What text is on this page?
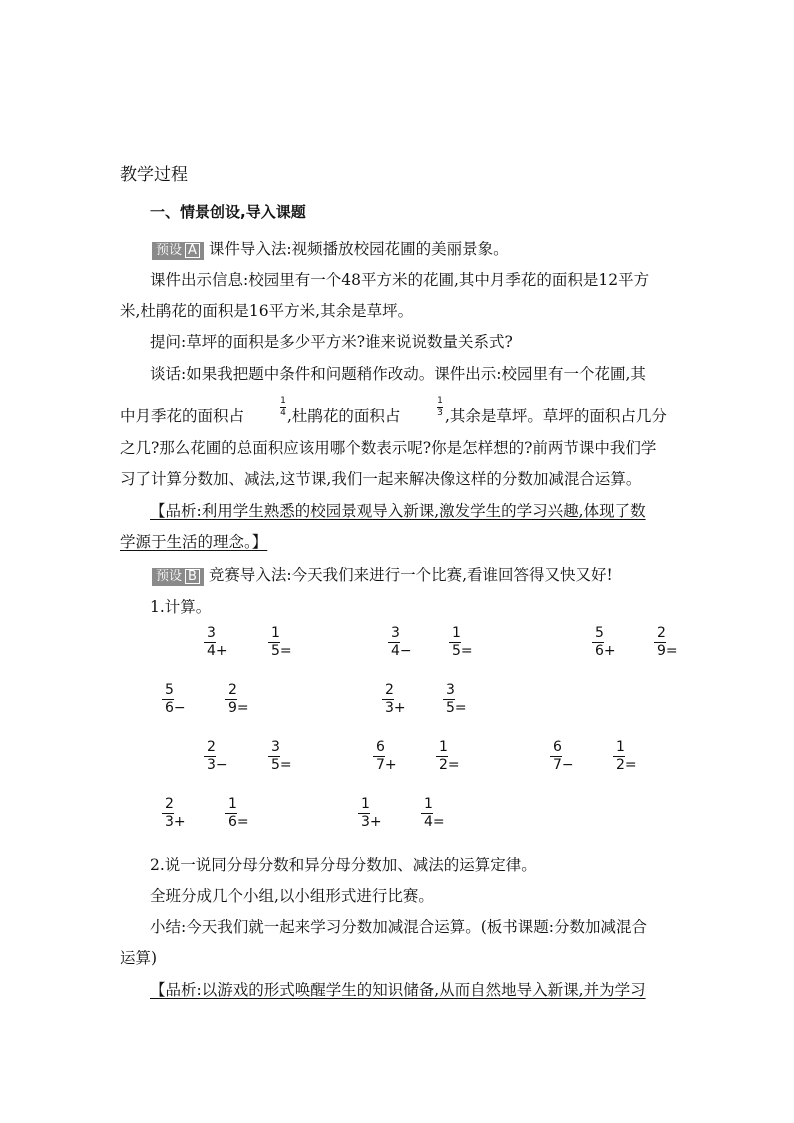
教学过程
一、情景创设,导入课题
预设 A 课件导入法:视频播放校园花圃的美丽景象。
课件出示信息:校园里有一个48平方米的花圃,其中月季花的面积是12平方
米,杜鹃花的面积是16平方米,其余是草坪。
提问:草坪的面积是多少平方米?谁来说说数量关系式?
谈话:如果我把题中条件和问题稍作改动。课件出示:校园里有一个花圃,其
中月季花的面积占
1
4 ,杜鹃花的面积占
1
3 ,其余是草坪。草坪的面积占几分
之几?那么花圃的总面积应该用哪个数表示呢?你是怎样想的?前两节课中我们学
习了计算分数加、减法,这节课,我们一起来解决像这样的分数加减混合运算。
【品析:利用学生熟悉的校园景观导入新课,激发学生的学习兴趣,体现了数
学源于生活的理念。】
预设 B 竞赛导入法:今天我们来进行一个比赛,看谁回答得又快又好!
1.计算。
3
4+
1
5=
3
4−
1
5=
5
6+
2
9=
5
6−
2
9=
2
3+
3
5=
2
3−
3
5=
6
7+
1
2=
6
7−
1
2=
2
3+
1
6=
1
3+
1
4=
2.说一说同分母分数和异分母分数加、减法的运算定律。
全班分成几个小组,以小组形式进行比赛。
小结:今天我们就一起来学习分数加减混合运算。(板书课题:分数加减混合
运算)
【品析:以游戏的形式唤醒学生的知识储备,从而自然地导入新课,并为学习
